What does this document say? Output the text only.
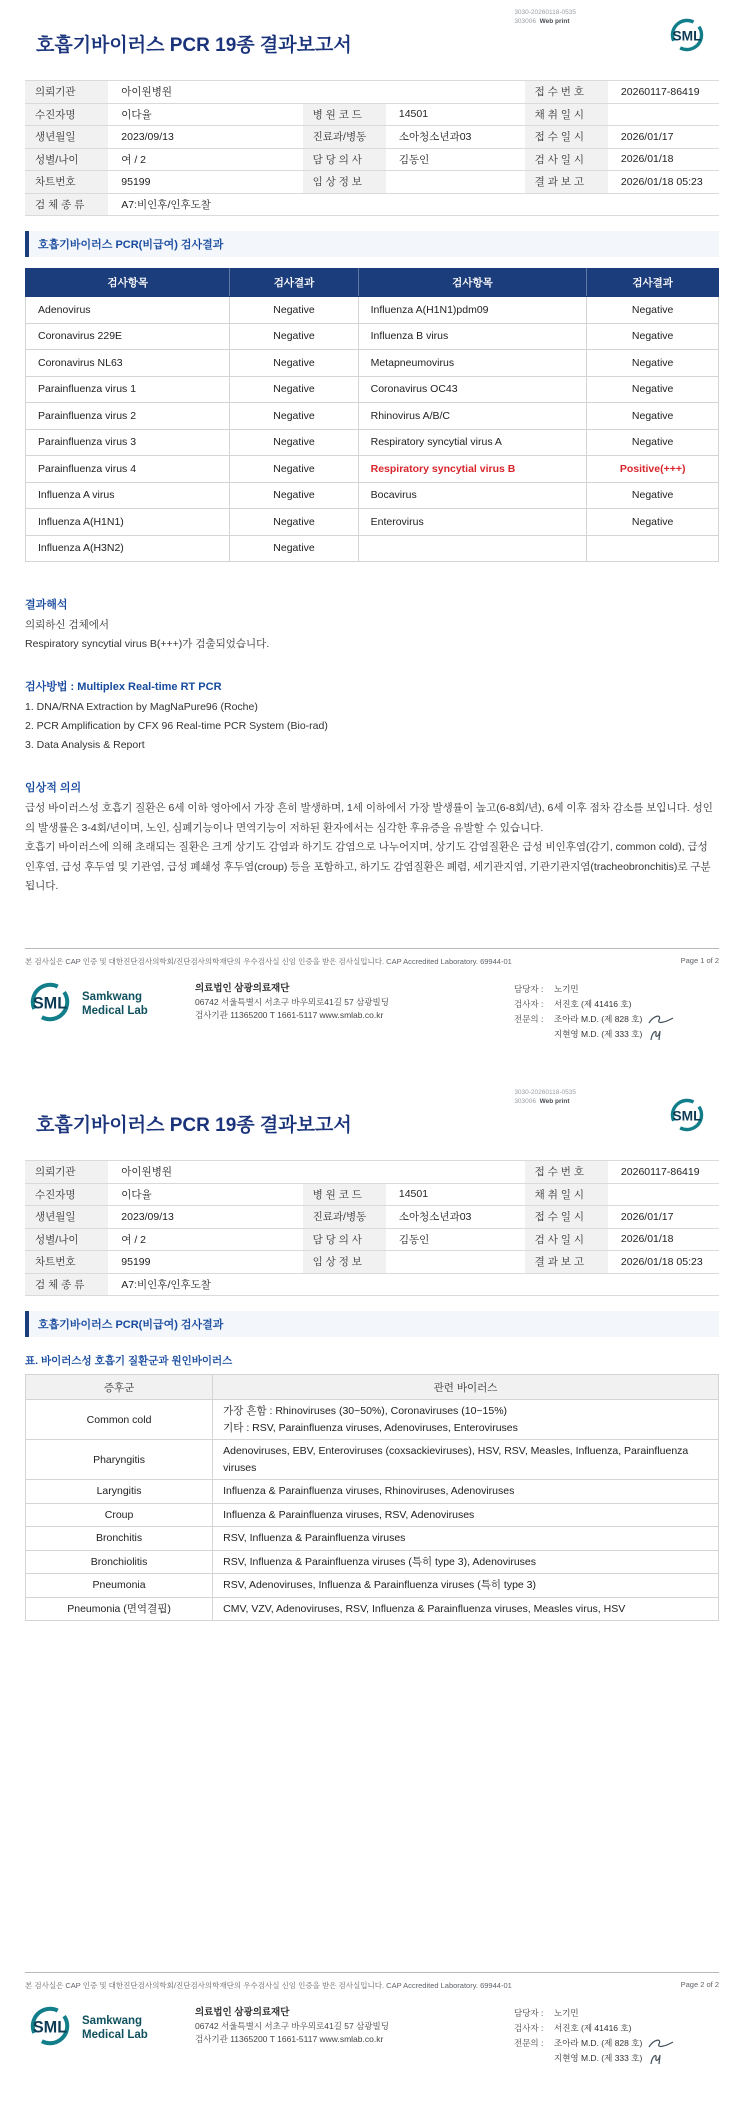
호흡기바이러스 PCR 19종 결과보고서
3030-20260118-0535
303006 Web print
SML
의뢰기관	아이원병원			접 수 번 호	20260117-86419
수진자명	이다율	병 원 코 드	14501	채 취 일 시	
생년월일	2023/09/13	진료과/병동	소아청소년과03	접 수 일 시	2026/01/17
성별/나이	여 / 2	담 당 의 사	김동인	검 사 일 시	2026/01/18
차트번호	95199	임 상 정 보		결 과 보 고	2026/01/18 05:23
검 체 종 류	A7:비인후/인후도찰				
호흡기바이러스 PCR(비급여) 검사결과
검사항목	검사결과	검사항목	검사결과
Adenovirus	Negative	Influenza A(H1N1)pdm09	Negative
Coronavirus 229E	Negative	Influenza B virus	Negative
Coronavirus NL63	Negative	Metapneumovirus	Negative
Parainfluenza virus 1	Negative	Coronavirus OC43	Negative
Parainfluenza virus 2	Negative	Rhinovirus A/B/C	Negative
Parainfluenza virus 3	Negative	Respiratory syncytial virus A	Negative
Parainfluenza virus 4	Negative	Respiratory syncytial virus B	Positive(+++)
Influenza A virus	Negative	Bocavirus	Negative
Influenza A(H1N1)	Negative	Enterovirus	Negative
Influenza A(H3N2)	Negative		
결과해석
의뢰하신 검체에서
Respiratory syncytial virus B(+++)가 검출되었습니다.
검사방법 : Multiplex Real-time RT PCR
1. DNA/RNA Extraction by MagNaPure96 (Roche)
2. PCR Amplification by CFX 96 Real-time PCR System (Bio-rad)
3. Data Analysis & Report
임상적 의의

급성 바이러스성 호흡기 질환은 6세 이하 영아에서 가장 흔히 발생하며, 1세 이하에서 가장 발생률이 높고(6-8회/년), 6세 이후 점차 감소를 보입니다. 성인의 발생률은 3-4회/년이며, 노인, 심폐기능이나 면역기능이 저하된 환자에서는 심각한 후유증을 유발할 수 있습니다.

호흡기 바이러스에 의해 초래되는 질환은 크게 상기도 감염과 하기도 감염으로 나누어지며, 상기도 감염질환은 급성 비인후염(감기, common cold), 급성 인후염, 급성 후두염 및 기관염, 급성 폐쇄성 후두염(croup) 등을 포함하고, 하기도 감염질환은 폐렴, 세기관지염, 기관기관지염(tracheobronchitis)로 구분됩니다.

본 검사실은 CAP 인증 및 대한진단검사의학회/진단검사의학재단의 우수검사실 신임 인증을 받은 검사실입니다. CAP Accredited Laboratory. 69944-01	Page 1 of 2
SML Samkwang
Medical Lab
의료법인 삼광의료재단
06742 서울특별시 서초구 바우뫼로41길 57 삼광빌딩
검사기관 11365200 T 1661-5117 www.smlab.co.kr
담당자 : 노기민
검사자 : 서진호 (제 41416 호)
전문의 : 조아라 M.D. (제 828 호)
지현영 M.D. (제 333 호)
호흡기바이러스 PCR 19종 결과보고서
3030-20260118-0535
303006 Web print
SML
의뢰기관	아이원병원			접 수 번 호	20260117-86419
수진자명	이다율	병 원 코 드	14501	채 취 일 시	
생년월일	2023/09/13	진료과/병동	소아청소년과03	접 수 일 시	2026/01/17
성별/나이	여 / 2	담 당 의 사	김동인	검 사 일 시	2026/01/18
차트번호	95199	임 상 정 보		결 과 보 고	2026/01/18 05:23
검 체 종 류	A7:비인후/인후도찰				
호흡기바이러스 PCR(비급여) 검사결과
표. 바이러스성 호흡기 질환군과 원인바이러스
증후군	관련 바이러스
Common cold	가장 흔함 : Rhinoviruses (30~50%), Coronaviruses (10~15%)
기타 : RSV, Parainfluenza viruses, Adenoviruses, Enteroviruses

Pharyngitis	Adenoviruses, EBV, Enteroviruses (coxsackieviruses), HSV, RSV, Measles, Influenza, Parainfluenza viruses

Laryngitis	Influenza & Parainfluenza viruses, Rhinoviruses, Adenoviruses

Croup	Influenza & Parainfluenza viruses, RSV, Adenoviruses

Bronchitis	RSV, Influenza & Parainfluenza viruses

Bronchiolitis	RSV, Influenza & Parainfluenza viruses (특히 type 3), Adenoviruses

Pneumonia	RSV, Adenoviruses, Influenza & Parainfluenza viruses (특히 type 3)

Pneumonia (면역결핍)	CMV, VZV, Adenoviruses, RSV, Influenza & Parainfluenza viruses, Measles virus, HSV
본 검사실은 CAP 인증 및 대한진단검사의학회/진단검사의학재단의 우수검사실 신임 인증을 받은 검사실입니다. CAP Accredited Laboratory. 69944-01	Page 2 of 2
SML Samkwang
Medical Lab
의료법인 삼광의료재단
06742 서울특별시 서초구 바우뫼로41길 57 삼광빌딩
검사기관 11365200 T 1661-5117 www.smlab.co.kr
담당자 : 노기민
검사자 : 서진호 (제 41416 호)
전문의 : 조아라 M.D. (제 828 호)
지현영 M.D. (제 333 호)
